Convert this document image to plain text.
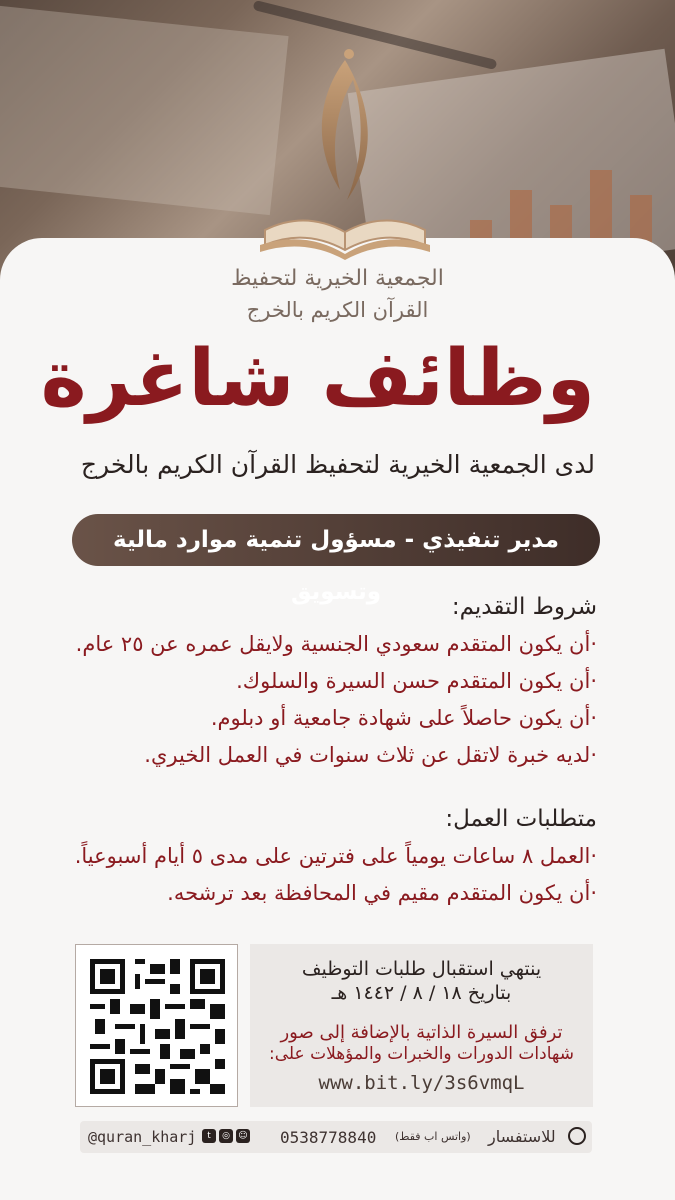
الجمعية الخيرية لتحفيظ
القرآن الكريم بالخرج
وظائف شاغرة
لدى الجمعية الخيرية لتحفيظ القرآن الكريم بالخرج
مدير تنفيذي - مسؤول تنمية موارد مالية وتسويق
شروط التقديم:
·أن يكون المتقدم سعودي الجنسية ولايقل عمره عن ٢٥ عام.
·أن يكون المتقدم حسن السيرة والسلوك.
·أن يكون حاصلاً على شهادة جامعية أو دبلوم.
·لديه خبرة لاتقل عن ثلاث سنوات في العمل الخيري.
متطلبات العمل:
·العمل ٨ ساعات يومياً على فترتين على مدى ٥ أيام أسبوعياً.
·أن يكون المتقدم مقيم في المحافظة بعد ترشحه.
ينتهي استقبال طلبات التوظيف
بتاريخ ١٨ / ٨ / ١٤٤٢ هـ
ترفق السيرة الذاتية بالإضافة إلى صور
شهادات الدورات والخبرات والمؤهلات على:
www.bit.ly/3s6vmqL
@quran_kharj	t	◎ ☺ 0538778840 (واتس اب فقط) للاستفسار
